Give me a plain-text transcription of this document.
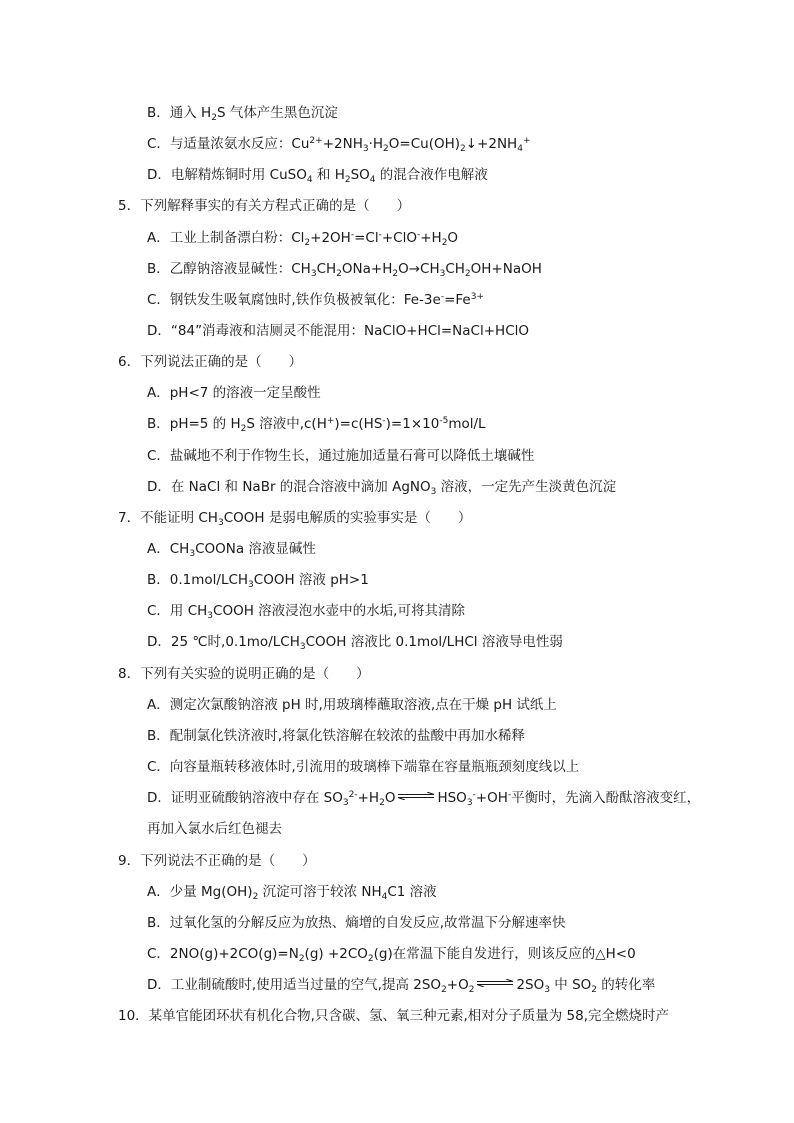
B．通入 $H_2S$ 气体产生黑色沉淀
C．与适量浓氨水反应：$Cu^{2+}+2NH_3\cdot H_2O=Cu(OH)_2↓+2NH_4^+$
D．电解精炼铜时用 CuSO$_4$ 和 $H_2SO_4$ 的混合液作电解液
5．下列解释事实的有关方程式正确的是（　　）
A．工业上制备漂白粉：$Cl_2+2OH^-=Cl^-+ClO^-+H_2O$
B．乙醇钠溶液显碱性：$CH_3CH_2ONa+H_2O\to CH_3CH_2OH+NaOH$
C．钢铁发生吸氧腐蚀时,铁作负极被氧化：$Fe-3e^-=Fe^{3+}$
D．“84”消毒液和洁厕灵不能混用：NaClO+HCl=NaCl+HClO
6．下列说法正确的是（　　）
A．pH<7 的溶液一定呈酸性
B．pH=5 的 $H_2S$ 溶液中$,c(H^+)=c(HS^-)=1\times 10^{-5}mol/L$
C．盐碱地不利于作物生长，通过施加适量石膏可以降低土壤碱性
D．在 NaCl 和 NaBr 的混合溶液中滴加 AgNO$_3$ 溶液，一定先产生淡黄色沉淀
7．不能证明 $CH_3COOH$ 是弱电解质的实验事实是（　　）
A．$CH_3COONa$ 溶液显碱性
B．$0.1mol/LCH_3COOH$ 溶液 pH>1
C．用 $CH_3COOH$ 溶液浸泡水壶中的水垢,可将其清除
D．25 ℃时$,0.1mo/LCH_3COOH$ 溶液比 0.1mol/LHCl 溶液导电性弱
8．下列有关实验的说明正确的是（　　）
A．测定次氯酸钠溶液 pH 时,用玻璃棒蘸取溶液,点在干燥 pH 试纸上
B．配制氯化铁济液时,将氯化铁溶解在较浓的盐酸中再加水稀释
C．向容量瓶转移液体时,引流用的玻璃棒下端靠在容量瓶瓶颈刻度线以上
D．证明亚硫酸钠溶液中存在 $SO_3^{2-}+H_2O$ ⇌ $HSO_3^-+OH^-$平衡时，先滴入酚酞溶液变红，
再加入氯水后红色褪去
9．下列说法不正确的是（　　）
A．少量 $Mg(OH)_2$ 沉淀可溶于较浓 $NH_4C1$ 溶液
B．过氧化氢的分解反应为放热、熵增的自发反应,故常温下分解速率快
C．$2NO(g)+2CO(g)=N_2(g) +2CO_2(g)$在常温下能自发进行，则该反应的△H<0
D．工业制硫酸时,使用适当过量的空气,提高 $2SO_2+O_2$ ⇌ $2SO_3$ 中 $SO_2$ 的转化率
10．某单官能团环状有机化合物,只含碳、氢、氧三种元素,相对分子质量为 58,完全燃烧时产
